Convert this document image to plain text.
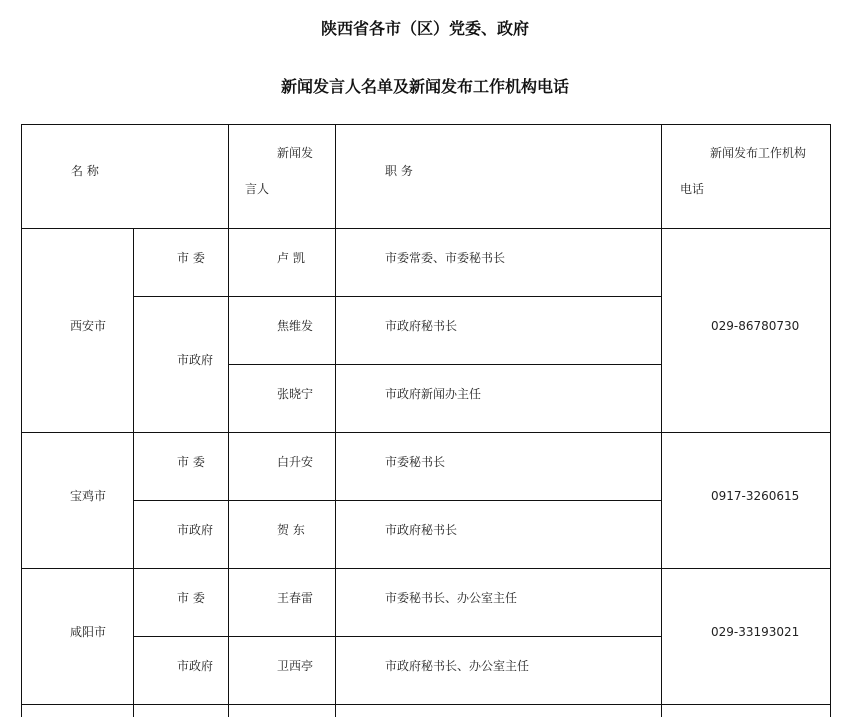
陕西省各市（区）党委、政府
新闻发言人名单及新闻发布工作机构电话
名 称
新闻发
言人
职 务
新闻发布工作机构
电话
西安市
市 委
市政府
卢 凯
焦维发
张晓宁
市委常委、市委秘书长
市政府秘书长
市政府新闻办主任
029-86780730
宝鸡市
市 委
市政府
白升安
贺 东
市委秘书长
市政府秘书长
0917-3260615
咸阳市
市 委
市政府
王春雷
卫西亭
市委秘书长、办公室主任
市政府秘书长、办公室主任
029-33193021
